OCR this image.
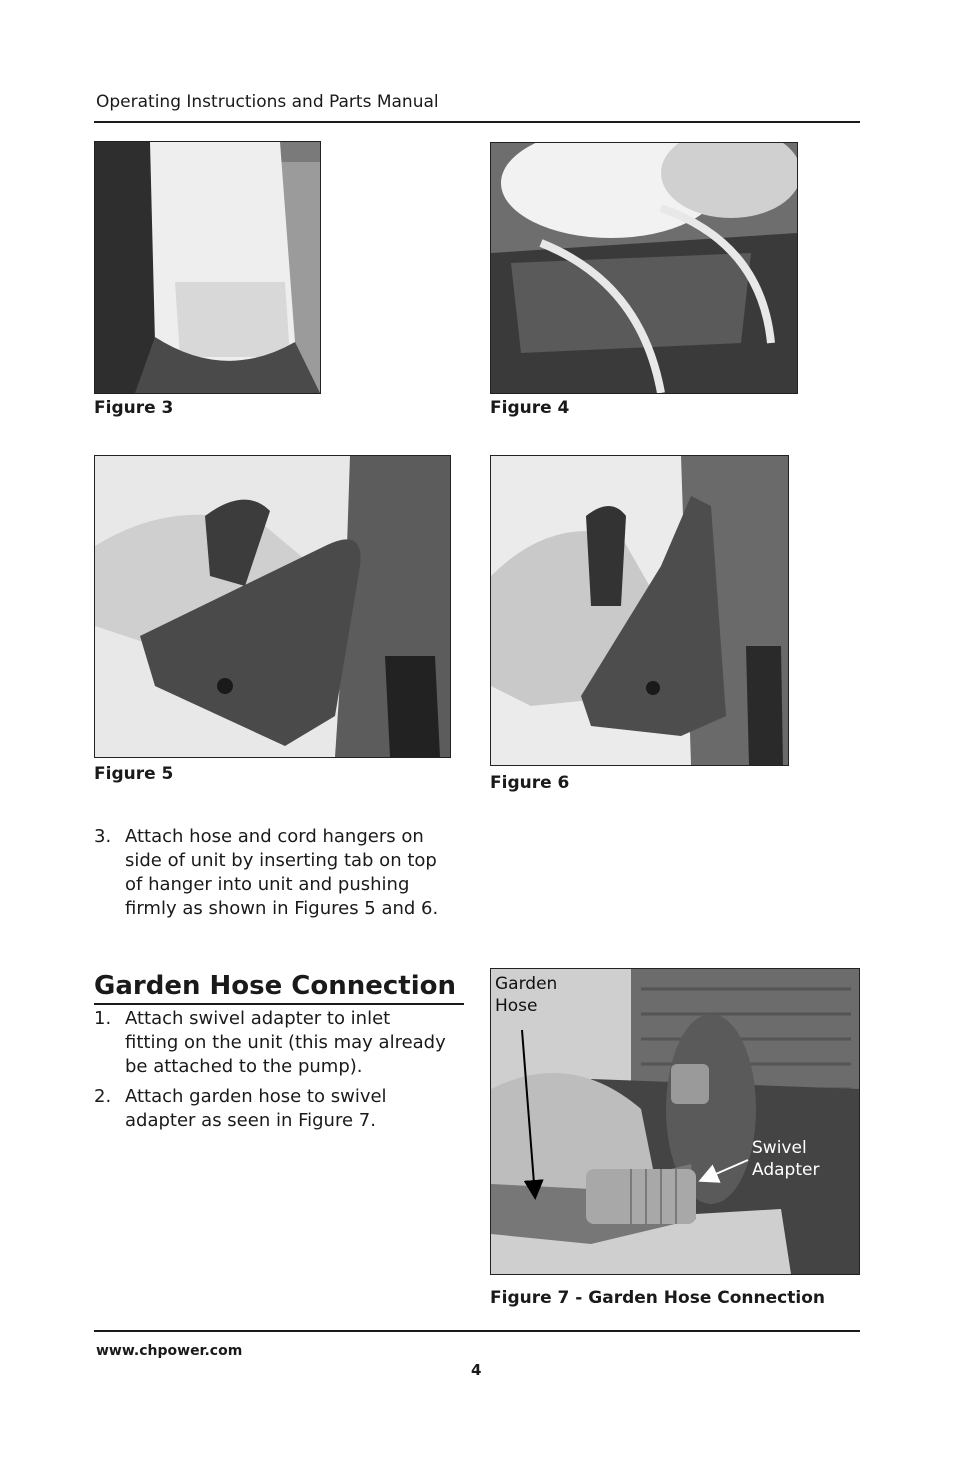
Operating Instructions and Parts Manual
Figure 3	Figure 4
Figure 5	Figure 6
3. Attach hose and cord hangers on
side of unit by inserting tab on top
of hanger into unit and pushing
firmly as shown in Figures 5 and 6.
Garden Hose Connection
1. Attach swivel adapter to inlet
fitting on the unit (this may already
be attached to the pump).
2. Attach garden hose to swivel
adapter as seen in Figure 7.
Garden
Hose
Swivel
Adapter
Figure 7 - Garden Hose Connection
www.chpower.com
4
